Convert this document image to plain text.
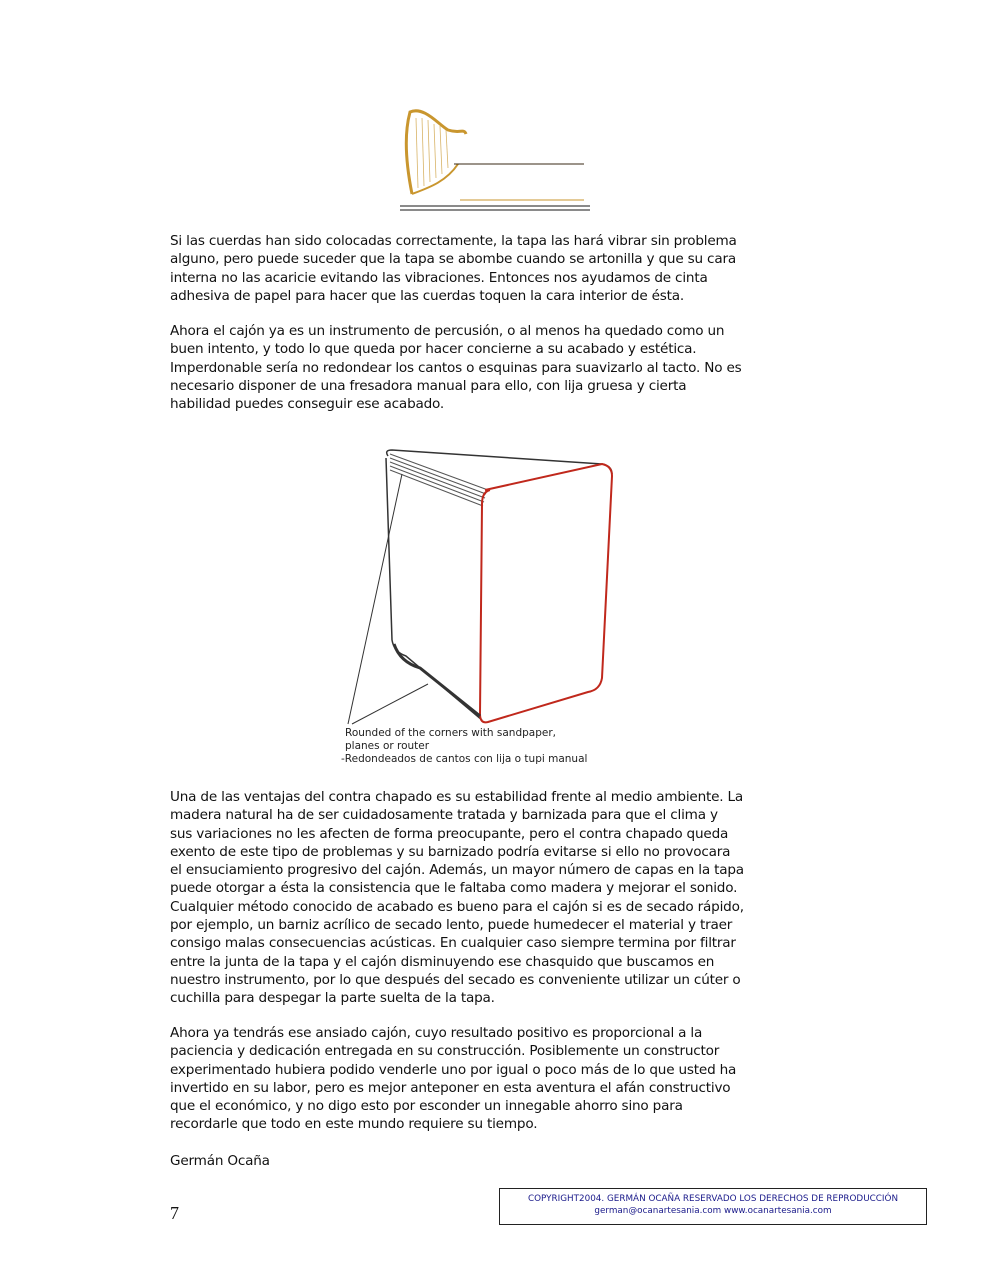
Si las cuerdas han sido colocadas correctamente, la tapa las hará vibrar sin problema
alguno, pero puede suceder que la tapa se abombe cuando se artonilla y que su cara
interna no las acaricie evitando las vibraciones. Entonces nos ayudamos de cinta
adhesiva de papel para hacer que las cuerdas toquen la cara interior de ésta.
Ahora el cajón ya es un instrumento de percusión, o al menos ha quedado como un
buen intento, y todo lo que queda por hacer concierne a su acabado y estética.
Imperdonable sería no redondear los cantos o esquinas para suavizarlo al tacto. No es
necesario disponer de una fresadora manual para ello, con lija gruesa y cierta
habilidad puedes conseguir ese acabado.
Rounded of the corners with sandpaper,
planes or router
-Redondeados de cantos con lija o tupi manual
Una de las ventajas del contra chapado es su estabilidad frente al medio ambiente. La
madera natural ha de ser cuidadosamente tratada y barnizada para que el clima y
sus variaciones no les afecten de forma preocupante, pero el contra chapado queda
exento de este tipo de problemas y su barnizado podría evitarse si ello no provocara
el ensuciamiento progresivo del cajón. Además, un mayor número de capas en la tapa
puede otorgar a ésta la consistencia que le faltaba como madera y mejorar el sonido.
Cualquier método conocido de acabado es bueno para el cajón si es de secado rápido,
por ejemplo, un barniz acrílico de secado lento, puede humedecer el material y traer
consigo malas consecuencias acústicas. En cualquier caso siempre termina por filtrar
entre la junta de la tapa y el cajón disminuyendo ese chasquido que buscamos en
nuestro instrumento, por lo que después del secado es conveniente utilizar un cúter o
cuchilla para despegar la parte suelta de la tapa.
Ahora ya tendrás ese ansiado cajón, cuyo resultado positivo es proporcional a la
paciencia y dedicación entregada en su construcción. Posiblemente un constructor
experimentado hubiera podido venderle uno por igual o poco más de lo que usted ha
invertido en su labor, pero es mejor anteponer en esta aventura el afán constructivo
que el económico, y no digo esto por esconder un innegable ahorro sino para
recordarle que todo en este mundo requiere su tiempo.
Germán Ocaña
7
COPYRIGHT2004. GERMÁN OCAÑA RESERVADO LOS DERECHOS DE REPRODUCCIÓN
german@ocanartesania.com www.ocanartesania.com
